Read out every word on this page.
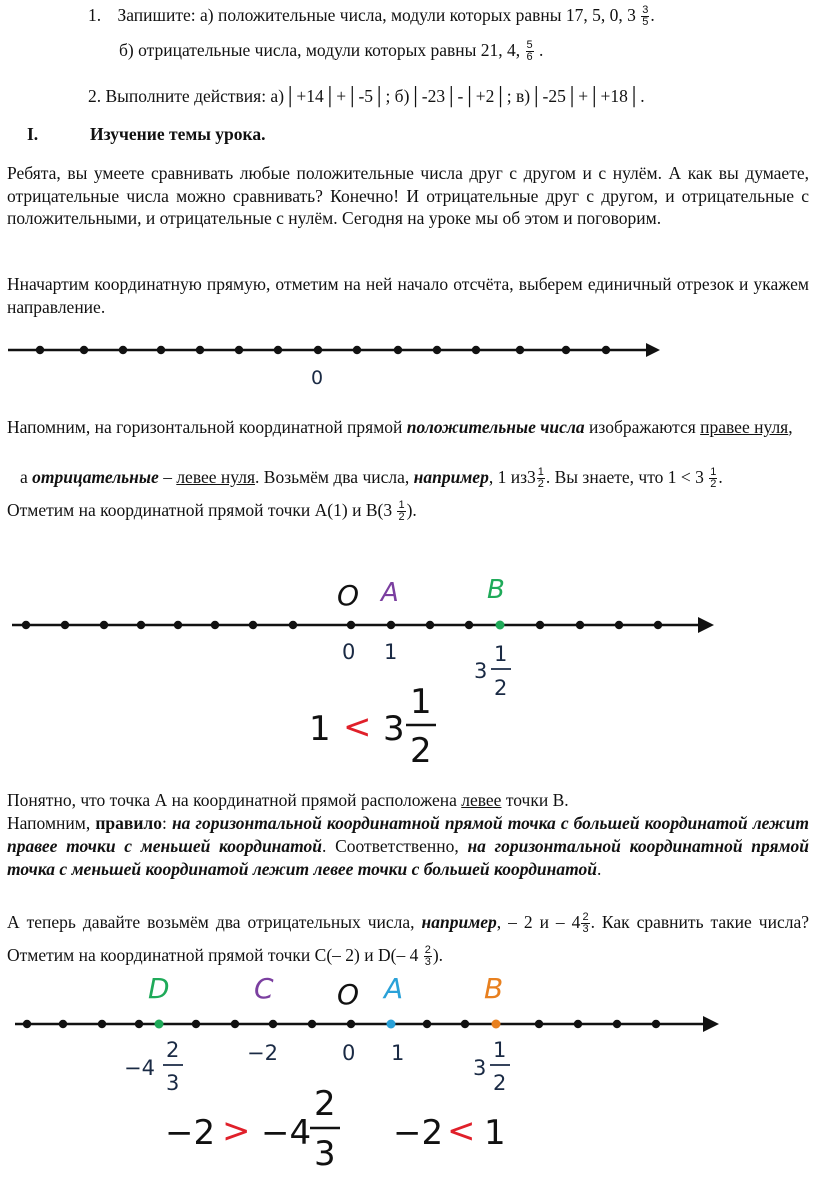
1. Запишите: а) положительные числа, модули которых равны 17, 5, 0, $3 \frac{3}{5}$ .
б) отрицательные числа, модули которых равны 21, 4, $\frac{5}{6}$ .
2. Выполните действия: а)│+14│+│-5│; б)│-23│-│+2│; в)│-25│+│+18│.
I.	Изучение темы урока.
Ребята, вы умеете сравнивать любые положительные числа друг с другом и с нулём. А как вы думаете, отрицательные числа можно сравнивать? Конечно! И отрицательные друг с другом, и отрицательные с положительными, и отрицательные с нулём. Сегодня на уроке мы об этом и поговорим.
Нначартим координатную прямую, отметим на ней начало отсчёта, выберем единичный отрезок и укажем направление.
0
Напомним, на горизонтальной координатной прямой положительные числа изображаются правее нуля,
а отрицательные – левее нуля. Возьмём два числа, например, 1 $из3 \frac{1}{2}$ . Вы знаете, что $1 < 3 \frac{1}{2}$ .
Отметим на координатной прямой точки А(1) и $В(3 \frac{1}{2}$ ).
O A	B
0 1
3
1
2
1 < 3
1
2
Понятно, что точка А на координатной прямой расположена левее точки В.
Напомним, правило: на горизонтальной координатной прямой точка с большей координатой лежит правее точки с меньшей координатой. Соответственно, на горизонтальной координатной прямой точка с меньшей координатой лежит левее точки с большей координатой.
А теперь давайте возьмём два отрицательных числа, например, – 2 и – $4 \frac{2}{3}$ . Как сравнить такие числа? Отметим на координатной прямой точки С(– 2) и D(– $4 \frac{2}{3}$ ).
D	C O A	B
−4
2
3
−2	0 1
3
1
2
−2 > −4
2
3
−2 < 1
